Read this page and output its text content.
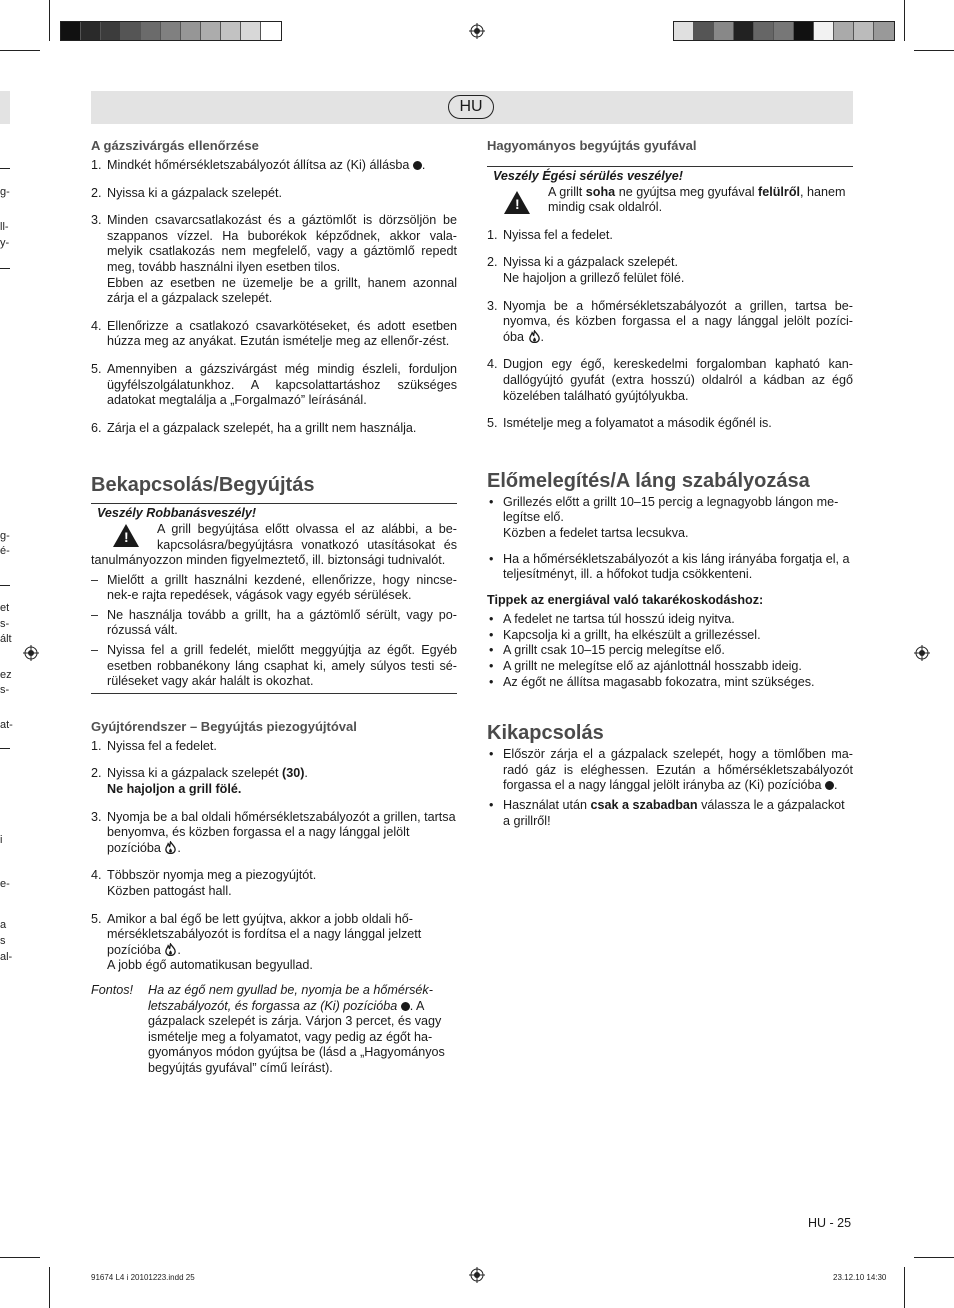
HU
g-
ll-
y-
g-
é-
et
s-
ált
ez
s-
at-
i
e-
a
s
al-
A gázszivárgás ellenőrzése
1. Mindkét hőmérsékletszabályozót állítsa az (Ki) állásba .
2. Nyissa ki a gázpalack szelepét.
3. Minden csavarcsatlakozást és a gáztömlőt is dörzsöljön be szappanos vízzel. Ha buborékok képződnek, akkor vala-melyik csatlakozás nem megfelelő, vagy a gáztömlő repedt meg, tovább használni ilyen esetben tilos.
Ebben az esetben ne üzemelje be a grillt, hanem azonnal zárja el a gázpalack szelepét.
4. Ellenőrizze a csatlakozó csavarkötéseket, és adott esetben húzza meg az anyákat. Ezután ismételje meg az ellenőr-zést.
5. Amennyiben a gázszivárgást még mindig észleli, forduljon ügyfélszolgálatunkhoz. A kapcsolattartáshoz szükséges adatokat megtalálja a „Forgalmazó” leírásánál.
6. Zárja el a gázpalack szelepét, ha a grillt nem használja.
Bekapcsolás/Begyújtás
Veszély Robbanásveszély!
! A grill begyújtása előtt olvassa el az alábbi, a be-kapcsolásra/begyújtásra vonatkozó utasításokat és tanulmányozzon minden figyelmeztető, ill. biztonsági tudnivalót.
– Mielőtt a grillt használni kezdené, ellenőrizze, hogy nincse-nek-e rajta repedések, vágások vagy egyéb sérülések.
– Ne használja tovább a grillt, ha a gáztömlő sérült, vagy po-rózussá vált.
– Nyissa fel a grill fedelét, mielőtt meggyújtja az égőt. Egyéb esetben robbanékony láng csaphat ki, amely súlyos testi sé-rüléseket vagy akár halált is okozhat.
Gyújtórendszer – Begyújtás piezogyújtóval
1. Nyissa fel a fedelet.
2. Nyissa ki a gázpalack szelepét (30).
Ne hajoljon a grill fölé.
3. Nyomja be a bal oldali hőmérsékletszabályozót a grillen, tartsa benyomva, és közben forgassa el a nagy lánggal jelölt pozícióba .
4. Többször nyomja meg a piezogyújtót.
Közben pattogást hall.
5. Amikor a bal égő be lett gyújtva, akkor a jobb oldali hő-mérsékletszabályozót is fordítsa el a nagy lánggal jelzett pozícióba .
A jobb égő automatikusan begyullad.
Fontos! Ha az égő nem gyullad be, nyomja be a hőmérsék-letszabályozót, és forgassa az (Ki) pozícióba . A gázpalack szelepét is zárja. Várjon 3 percet, és vagy ismételje meg a folyamatot, vagy pedig az égőt ha-gyományos módon gyújtsa be (lásd a „Hagyományos begyújtás gyufával” című leírást).
Hagyományos begyújtás gyufával
Veszély Égési sérülés veszélye!
!
A grillt soha ne gyújtsa meg gyufával felülről, hanem mindig csak oldalról.
1. Nyissa fel a fedelet.
2. Nyissa ki a gázpalack szelepét.
Ne hajoljon a grillező felület fölé.
3. Nyomja be a hőmérsékletszabályozót a grillen, tartsa be-nyomva, és közben forgassa el a nagy lánggal jelölt pozíci-óba .
4. Dugjon egy égő, kereskedelmi forgalomban kapható kan-dallógyújtó gyufát (extra hosszú) oldalról a kádban az égő közelében található gyújtólyukba.
5. Ismételje meg a folyamatot a második égőnél is.
Előmelegítés/A láng szabályozása
• Grillezés előtt a grillt 10–15 percig a legnagyobb lángon me-legítse elő.
Közben a fedelet tartsa lecsukva.
• Ha a hőmérsékletszabályozót a kis láng irányába forgatja el, a teljesítményt, ill. a hőfokot tudja csökkenteni.
Tippek az energiával való takarékoskodáshoz:
• A fedelet ne tartsa túl hosszú ideig nyitva.
• Kapcsolja ki a grillt, ha elkészült a grillezéssel.
• A grillt csak 10–15 percig melegítse elő.
• A grillt ne melegítse elő az ajánlottnál hosszabb ideig.
• Az égőt ne állítsa magasabb fokozatra, mint szükséges.
Kikapcsolás
• Először zárja el a gázpalack szelepét, hogy a tömlőben ma-radó gáz is eléghessen. Ezután a hőmérsékletszabályozót forgassa el a nagy lánggal jelölt irányba az (Ki) pozícióba .
• Használat után csak a szabadban válassza le a gázpalackot a grillről!
HU - 25
91674 L4 i 20101223.indd 25	23.12.10 14:30
